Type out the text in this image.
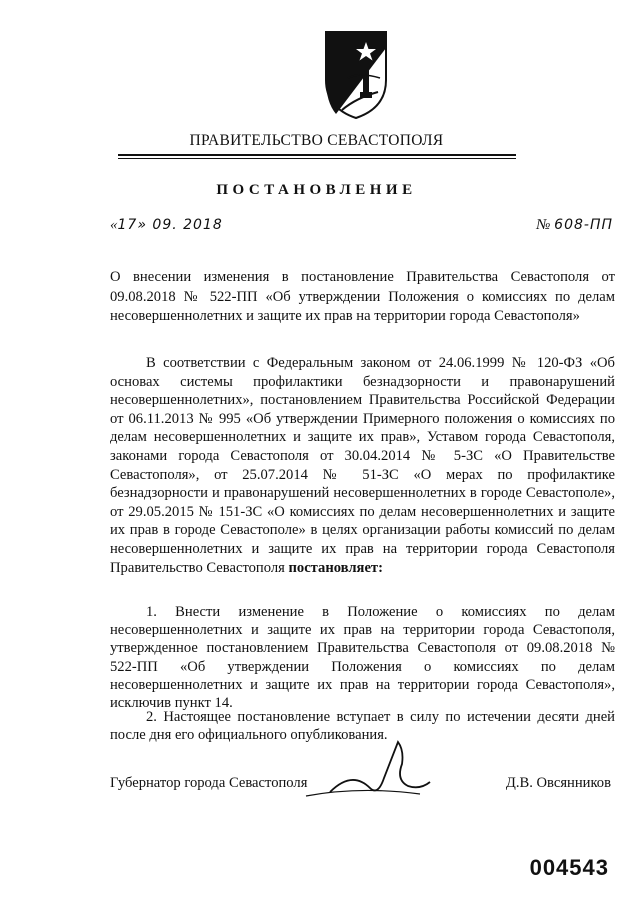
ПРАВИТЕЛЬСТВО СЕВАСТОПОЛЯ
ПОСТАНОВЛЕНИЕ
«17» 09. 2018	№ 608-ПП
О внесении изменения в постановление Правительства Севастополя от 09.08.2018 № 522-ПП «Об утверждении Положения о комиссиях по делам несовершеннолетних и защите их прав на территории города Севастополя»
В соответствии с Федеральным законом от 24.06.1999 № 120-ФЗ «Об основах системы профилактики безнадзорности и правонарушений несовершеннолетних», постановлением Правительства Российской Федерации от 06.11.2013 № 995 «Об утверждении Примерного положения о комиссиях по делам несовершеннолетних и защите их прав», Уставом города Севастополя, законами города Севастополя от 30.04.2014 № 5-ЗС «О Правительстве Севастополя», от 25.07.2014 № 51-ЗС «О мерах по профилактике безнадзорности и правонарушений несовершеннолетних в городе Севастополе», от 29.05.2015 № 151-ЗС «О комиссиях по делам несовершеннолетних и защите их прав в городе Севастополе» в целях организации работы комиссий по делам несовершеннолетних и защите их прав на территории города Севастополя Правительство Севастополя постановляет:
1. Внести изменение в Положение о комиссиях по делам несовершеннолетних и защите их прав на территории города Севастополя, утвержденное постановлением Правительства Севастополя от 09.08.2018 № 522-ПП «Об утверждении Положения о комиссиях по делам несовершеннолетних и защите их прав на территории города Севастополя», исключив пункт 14.
2. Настоящее постановление вступает в силу по истечении десяти дней после дня его официального опубликования.
Губернатор города Севастополя	Д.В. Овсянников
004543
